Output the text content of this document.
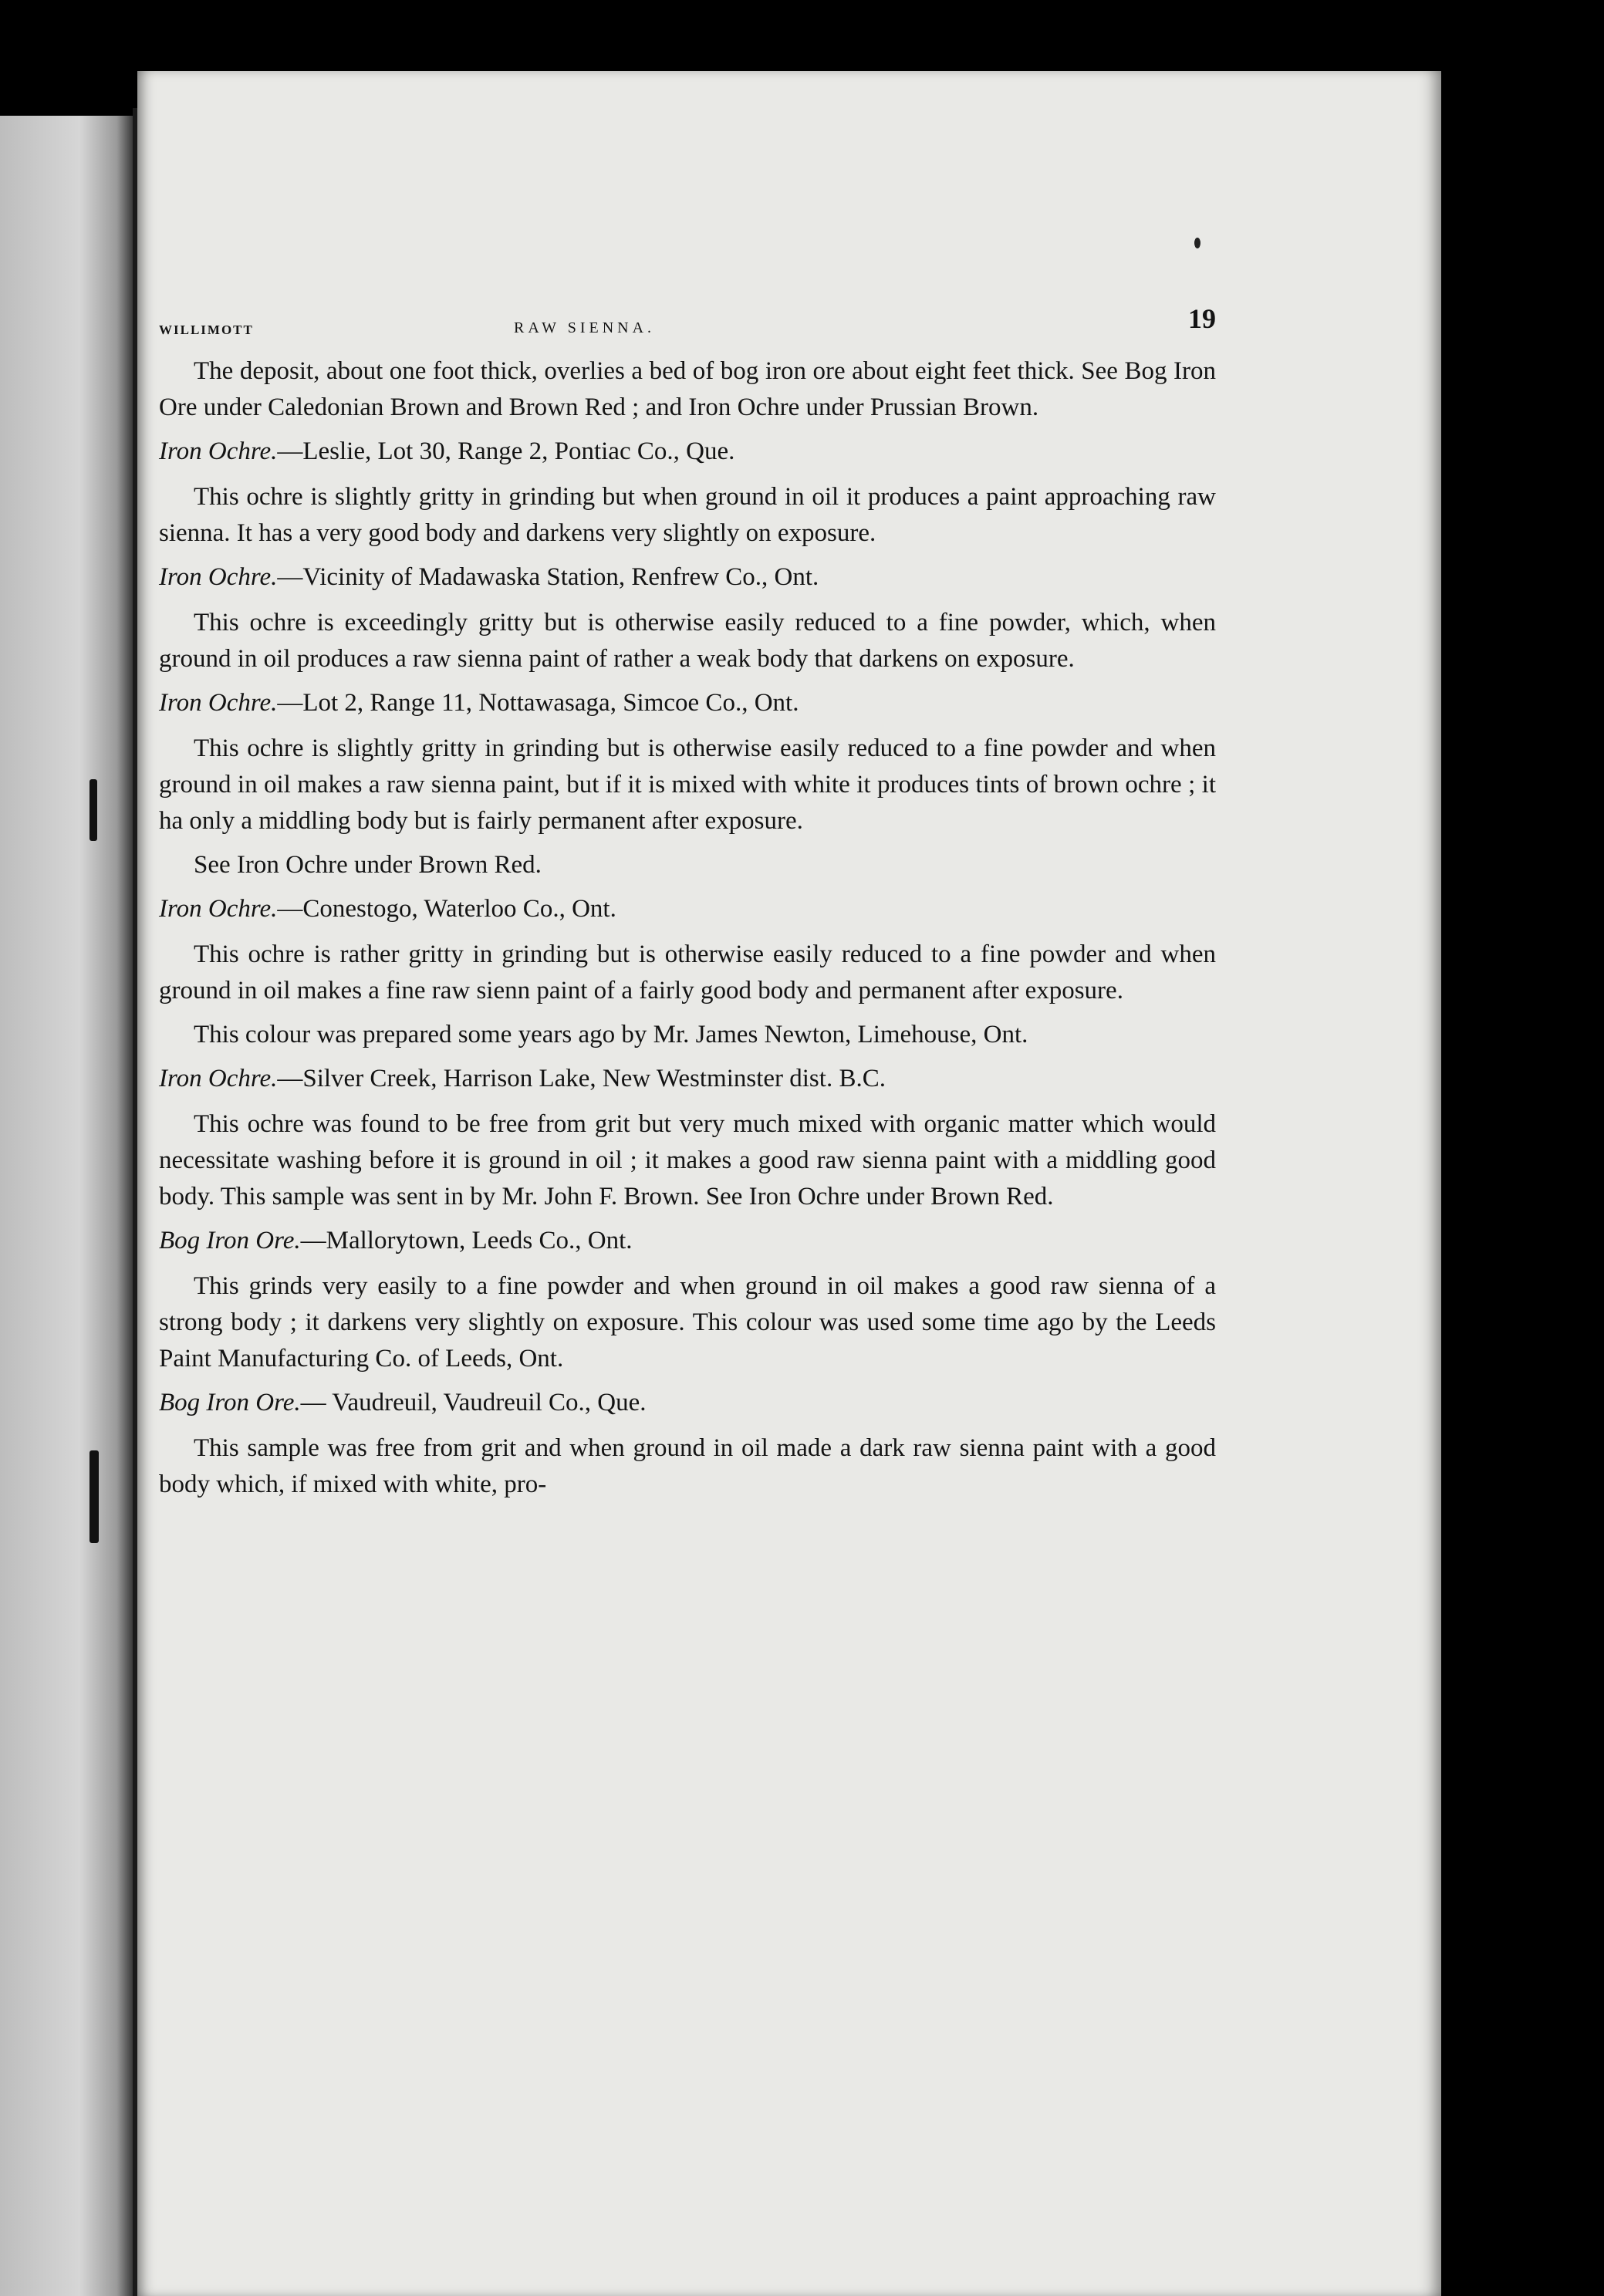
WILLIMOTT	RAW SIENNA.	19

The deposit, about one foot thick, overlies a bed of bog iron ore about eight feet thick. See Bog Iron Ore under Caledonian Brown and Brown Red ; and Iron Ochre under Prussian Brown.

Iron Ochre.—Leslie, Lot 30, Range 2, Pontiac Co., Que.

This ochre is slightly gritty in grinding but when ground in oil it produces a paint approaching raw sienna. It has a very good body and darkens very slightly on exposure.

Iron Ochre.—Vicinity of Madawaska Station, Renfrew Co., Ont.

This ochre is exceedingly gritty but is otherwise easily reduced to a fine powder, which, when ground in oil produces a raw sienna paint of rather a weak body that darkens on exposure.

Iron Ochre.—Lot 2, Range 11, Nottawasaga, Simcoe Co., Ont.

This ochre is slightly gritty in grinding but is otherwise easily reduced to a fine powder and when ground in oil makes a raw sienna paint, but if it is mixed with white it produces tints of brown ochre ; it ha only a middling body but is fairly permanent after exposure.

See Iron Ochre under Brown Red.

Iron Ochre.—Conestogo, Waterloo Co., Ont.

This ochre is rather gritty in grinding but is otherwise easily reduced to a fine powder and when ground in oil makes a fine raw sienn paint of a fairly good body and permanent after exposure.

This colour was prepared some years ago by Mr. James Newton, Limehouse, Ont.

Iron Ochre.—Silver Creek, Harrison Lake, New Westminster dist. B.C.

This ochre was found to be free from grit but very much mixed with organic matter which would necessitate washing before it is ground in oil ; it makes a good raw sienna paint with a middling good body. This sample was sent in by Mr. John F. Brown. See Iron Ochre under Brown Red.

Bog Iron Ore.—Mallorytown, Leeds Co., Ont.

This grinds very easily to a fine powder and when ground in oil makes a good raw sienna of a strong body ; it darkens very slightly on exposure. This colour was used some time ago by the Leeds Paint Manufacturing Co. of Leeds, Ont.

Bog Iron Ore.— Vaudreuil, Vaudreuil Co., Que.

This sample was free from grit and when ground in oil made a dark raw sienna paint with a good body which, if mixed with white, pro-
